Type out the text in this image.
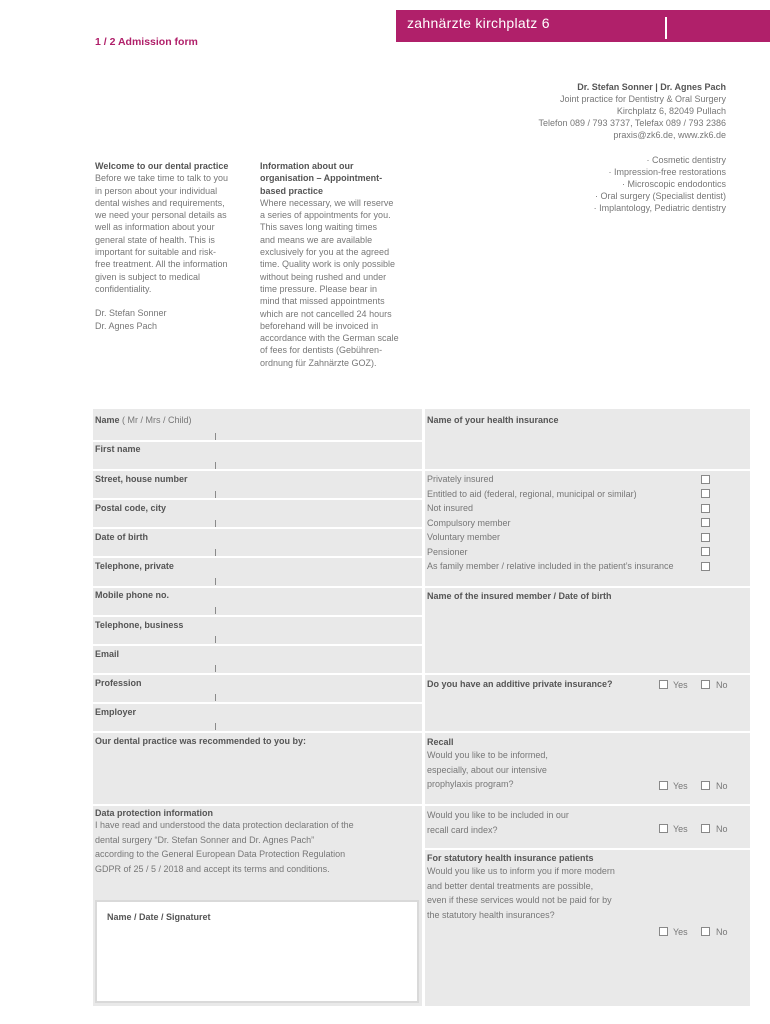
zahnärzte kirchplatz 6
1 / 2 Admission form
Dr. Stefan Sonner | Dr. Agnes Pach
Joint practice for Dentistry & Oral Surgery
Kirchplatz 6, 82049 Pullach
Telefon 089 / 793 3737, Telefax 089 / 793 2386
praxis@zk6.de, www.zk6.de
· Cosmetic dentistry
· Impression-free restorations
· Microscopic endodontics
· Oral surgery (Specialist dentist)
· Implantology, Pediatric dentistry
Welcome to our dental practice
Before we take time to talk to you
in person about your individual
dental wishes and requirements,
we need your personal details as
well as information about your
general state of health. This is
important for suitable and risk-
free treatment. All the information
given is subject to medical
confidentiality.
Dr. Stefan Sonner
Dr. Agnes Pach
Information about our
organisation – Appointment-
based practice
Where necessary, we will reserve
a series of appointments for you.
This saves long waiting times
and means we are available
exclusively for you at the agreed
time. Quality work is only possible
without being rushed and under
time pressure. Please bear in
mind that missed appointments
which are not cancelled 24 hours
beforehand will be invoiced in
accordance with the German scale
of fees for dentists (Gebühren-
ordnung für Zahnärzte GOZ).
Name ( Mr / Mrs / Child)
First name
Street, house number
Postal code, city
Date of birth
Telephone, private
Mobile phone no.
Telephone, business
Email
Profession
Employer
Our dental practice was recommended to you by:
Data protection information
I have read and understood the data protection declaration of the
dental surgery “Dr. Stefan Sonner and Dr. Agnes Pach”
according to the General European Data Protection Regulation
GDPR of 25 / 5 / 2018 and accept its terms and conditions.
Name / Date / Signaturet
Name of your health insurance
Privately insured
Entitled to aid (federal, regional, municipal or similar)
Not insured
Compulsory member
Voluntary member
Pensioner
As family member / relative included in the patient’s insurance
Name of the insured member / Date of birth
Do you have an additive private insurance?	Yes	No
Recall
Would you like to be informed,
especially, about our intensive
prophylaxis program?	Yes	No
Would you like to be included in our
recall card index?	Yes	No
For statutory health insurance patients
Would you like us to inform you if more modern
and better dental treatments are possible,
even if these services would not be paid for by
the statutory health insurances?
Yes	No
